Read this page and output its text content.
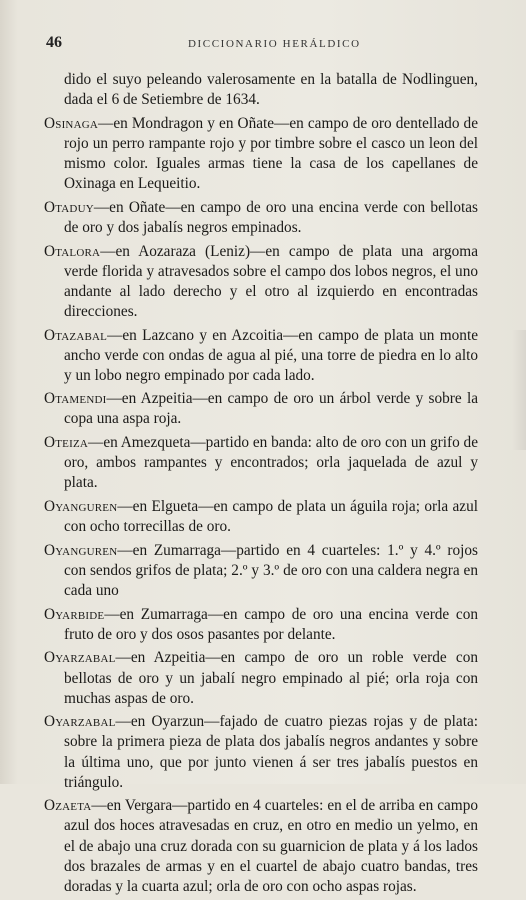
46	DICCIONARIO HERÁLDICO

dido el suyo peleando valerosamente en la batalla de Nodlinguen, dada el 6 de Setiembre de 1634.

Osinaga—en Mondragon y en Oñate—en campo de oro dentellado de rojo un perro rampante rojo y por timbre sobre el casco un leon del mismo color. Iguales armas tiene la casa de los capellanes de Oxinaga en Lequeitio.

Otaduy—en Oñate—en campo de oro una encina verde con bellotas de oro y dos jabalís negros empinados.

Otalora—en Aozaraza (Leniz)—en campo de plata una argoma verde florida y atravesados sobre el campo dos lobos negros, el uno andante al lado derecho y el otro al izquierdo en encontradas direcciones.

Otazabal—en Lazcano y en Azcoitia—en campo de plata un monte ancho verde con ondas de agua al pié, una torre de piedra en lo alto y un lobo negro empinado por cada lado.

Otamendi—en Azpeitia—en campo de oro un árbol verde y sobre la copa una aspa roja.

Oteiza—en Amezqueta—partido en banda: alto de oro con un grifo de oro, ambos rampantes y encontrados; orla jaquelada de azul y plata.

Oyanguren—en Elgueta—en campo de plata un águila roja; orla azul con ocho torrecillas de oro.

Oyanguren—en Zumarraga—partido en 4 cuarteles: 1.º y 4.º rojos con sendos grifos de plata; 2.º y 3.º de oro con una caldera negra en cada uno

Oyarbide—en Zumarraga—en campo de oro una encina verde con fruto de oro y dos osos pasantes por delante.

Oyarzabal—en Azpeitia—en campo de oro un roble verde con bellotas de oro y un jabalí negro empinado al pié; orla roja con muchas aspas de oro.

Oyarzabal—en Oyarzun—fajado de cuatro piezas rojas y de plata: sobre la primera pieza de plata dos jabalís negros andantes y sobre la última uno, que por junto vienen á ser tres jabalís puestos en triángulo.

Ozaeta—en Vergara—partido en 4 cuarteles: en el de arriba en campo azul dos hoces atravesadas en cruz, en otro en medio un yelmo, en el de abajo una cruz dorada con su guarnicion de plata y á los lados dos brazales de armas y en el cuartel de abajo cuatro bandas, tres doradas y la cuarta azul; orla de oro con ocho aspas rojas.
